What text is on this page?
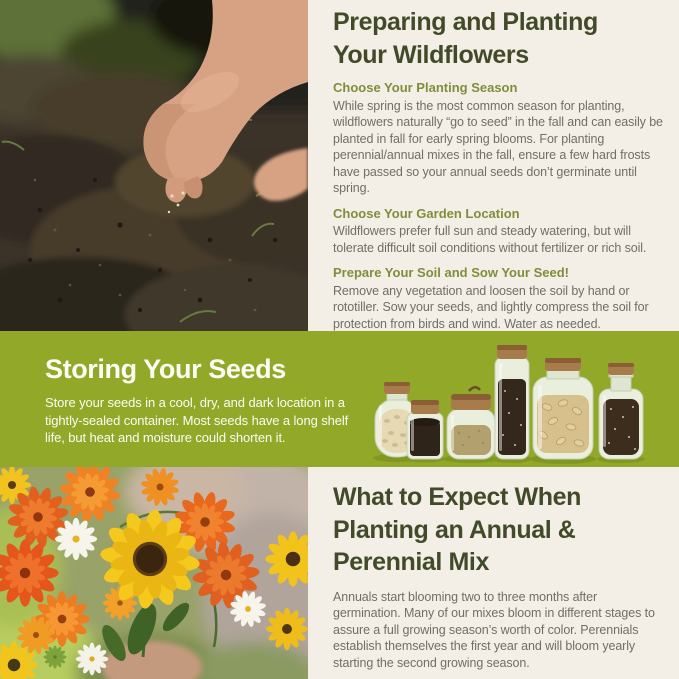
Preparing and Planting Your Wildflowers
Choose Your Planting Season

While spring is the most common season for planting, wildflowers naturally “go to seed” in the fall and can easily be planted in fall for early spring blooms. For planting perennial/annual mixes in the fall, ensure a few hard frosts have passed so your annual seeds don’t germinate until spring.

Choose Your Garden Location

Wildflowers prefer full sun and steady watering, but will tolerate difficult soil conditions without fertilizer or rich soil.

Prepare Your Soil and Sow Your Seed!

Remove any vegetation and loosen the soil by hand or rototiller. Sow your seeds, and lightly compress the soil for protection from birds and wind. Water as needed.

Storing Your Seeds

Store your seeds in a cool, dry, and dark location in a tightly-sealed container. Most seeds have a long shelf life, but heat and moisture could shorten it.

What to Expect When Planting an Annual & Perennial Mix

Annuals start blooming two to three months after germination. Many of our mixes bloom in different stages to assure a full growing season’s worth of color. Perennials establish themselves the first year and will bloom yearly starting the second growing season.
